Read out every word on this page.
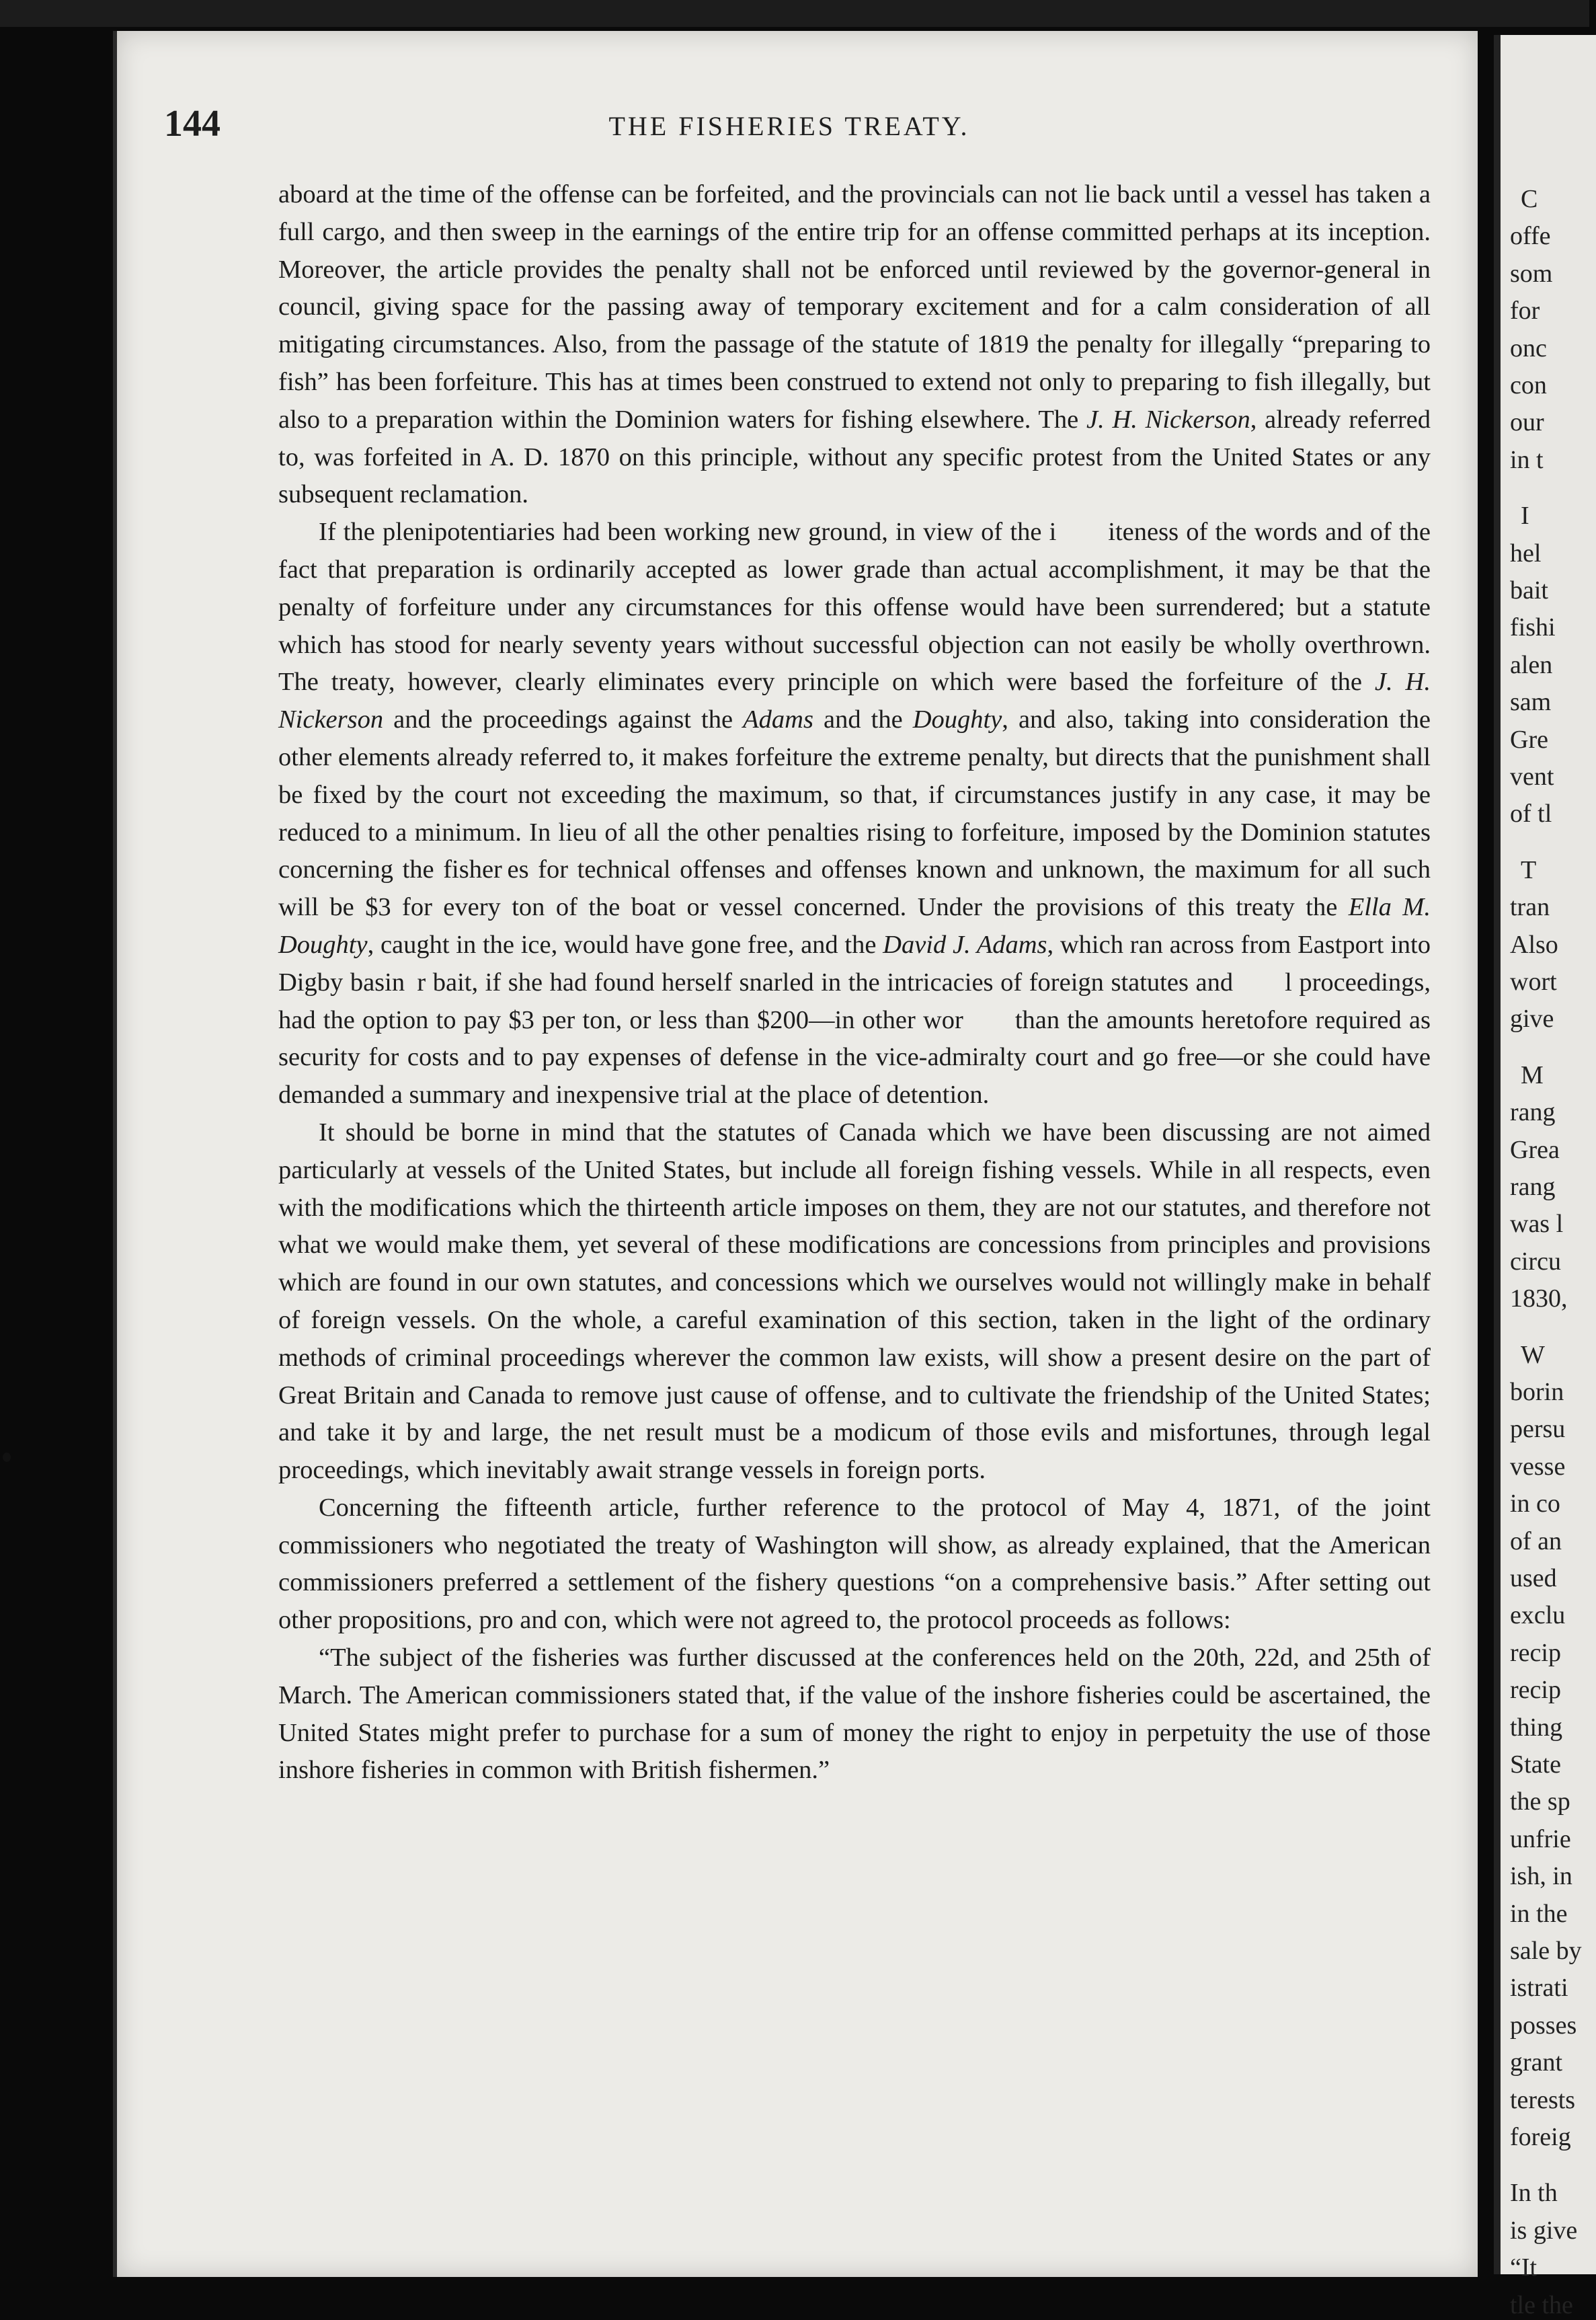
144	THE FISHERIES TREATY.

aboard at the time of the offense can be forfeited, and the provincials can not lie back until a vessel has taken a full cargo, and then sweep in the earnings of the entire trip for an offense committed perhaps at its inception. Moreover, the article provides the penalty shall not be enforced until reviewed by the governor-general in council, giving space for the passing away of temporary excitement and for a calm consideration of all mitigating circumstances. Also, from the passage of the statute of 1819 the penalty for illegally “preparing to fish” has been forfeiture. This has at times been construed to extend not only to preparing to fish illegally, but also to a preparation within the Dominion waters for fishing elsewhere. The J. H. Nickerson, already referred to, was forfeited in A. D. 1870 on this principle, without any specific protest from the United States or any subsequent reclamation.

If the plenipotentiaries had been working new ground, in view of the i  iteness of the words and of the fact that preparation is ordinarily accepted as  lower grade than actual accomplishment, it may be that the penalty of forfeiture under any circumstances for this offense would have been surrendered; but a statute which has stood for nearly seventy years without successful objection can not easily be wholly overthrown. The treaty, however, clearly eliminates every principle on which were based the forfeiture of the J. H. Nickerson and the proceedings against the Adams and the Doughty, and also, taking into consideration the other elements already referred to, it makes forfeiture the extreme penalty, but directs that the punishment shall be fixed by the court not exceeding the maximum, so that, if circumstances justify in any case, it may be reduced to a minimum. In lieu of all the other penalties rising to forfeiture, imposed by the Dominion statutes concerning the fisher es for technical offenses and offenses known and unknown, the maximum for all such will be $3 for every ton of the boat or vessel concerned. Under the provisions of this treaty the Ella M. Doughty, caught in the ice, would have gone free, and the David J. Adams, which ran across from Eastport into Digby basin  r bait, if she had found herself snarled in the intricacies of foreign statutes and  l proceedings, had the option to pay $3 per ton, or less than $200—in other wor  than the amounts heretofore required as security for costs and to pay expenses of defense in the vice-admiralty court and go free—or she could have demanded a summary and inexpensive trial at the place of detention.

It should be borne in mind that the statutes of Canada which we have been discussing are not aimed particularly at vessels of the United States, but include all foreign fishing vessels. While in all respects, even with the modifications which the thirteenth article imposes on them, they are not our statutes, and therefore not what we would make them, yet several of these modifications are concessions from principles and provisions which are found in our own statutes, and concessions which we ourselves would not willingly make in behalf of foreign vessels. On the whole, a careful examination of this section, taken in the light of the ordinary methods of criminal proceedings wherever the common law exists, will show a present desire on the part of Great Britain and Canada to remove just cause of offense, and to cultivate the friendship of the United States; and take it by and large, the net result must be a modicum of those evils and misfortunes, through legal proceedings, which inevitably await strange vessels in foreign ports.

Concerning the fifteenth article, further reference to the protocol of May 4, 1871, of the joint commissioners who negotiated the treaty of Washington will show, as already explained, that the American commissioners preferred a settlement of the fishery questions “on a comprehensive basis.” After setting out other propositions, pro and con, which were not agreed to, the protocol proceeds as follows:

“The subject of the fisheries was further discussed at the conferences held on the 20th, 22d, and 25th of March. The American commissioners stated that, if the value of the inshore fisheries could be ascertained, the United States might prefer to purchase for a sum of money the right to enjoy in perpetuity the use of those inshore fisheries in common with British fishermen.”

C
offe
som
for
onc
con
our
in t
I
hel
bait
fishi
alen
sam
Gre
vent
of tl
T
tran
Also
wort
give
M
rang
Grea
rang
was l
circu
1830,
W
borin
persu
vesse
in co
of an
used
exclu
recip
recip
thing
State
the sp
unfrie
ish, in
in the
sale by
istrati
posses
grant
terests
foreig
In th
is give
“It
tle the
